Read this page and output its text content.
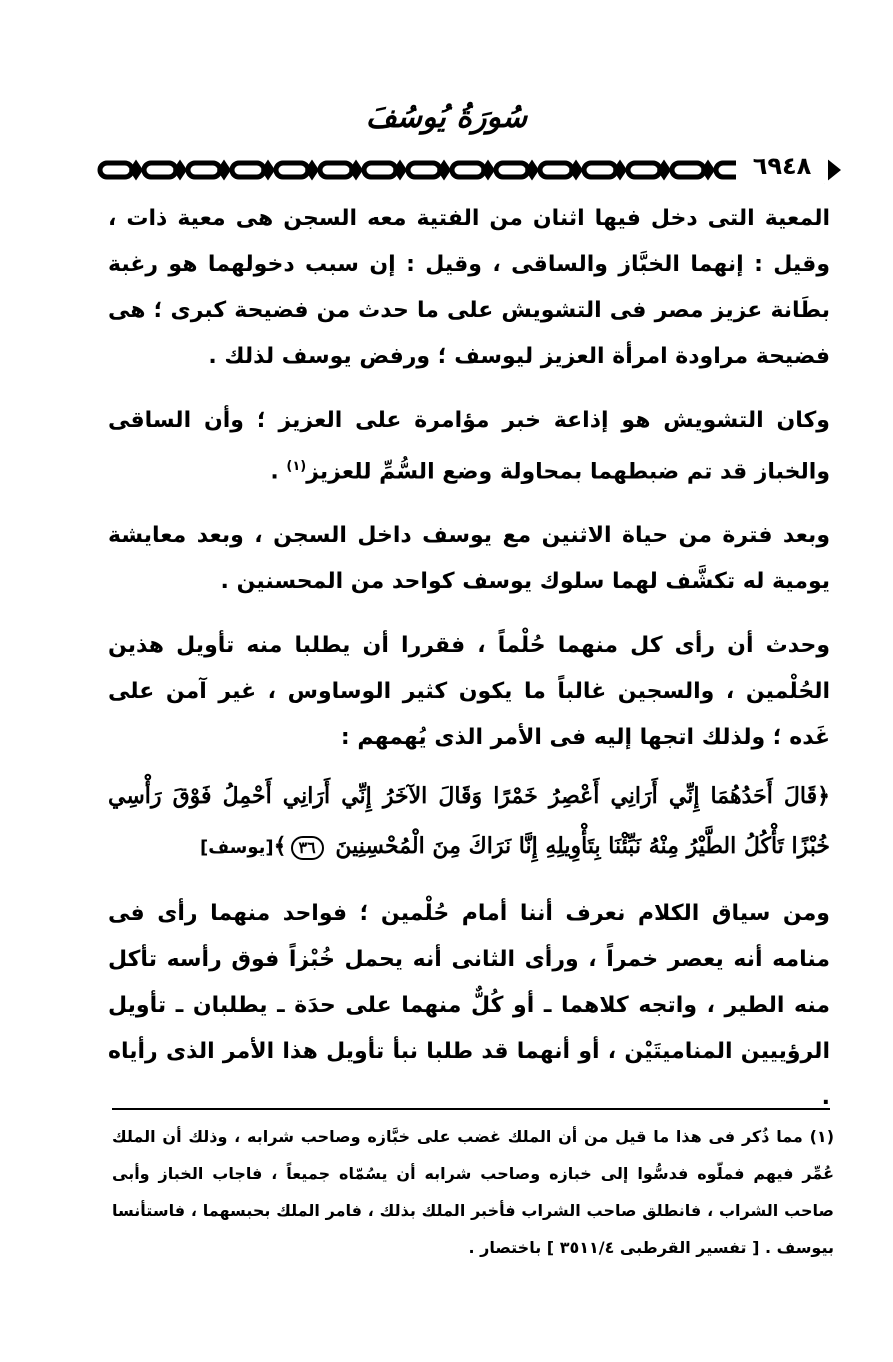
سُورَةُ يُوسُفَ
٦٩٤٨

المعية التى دخل فيها اثنان من الفتية معه السجن هى معية ذات ، وقيل : إنهما الخبَّاز والساقى ، وقيل : إن سبب دخولهما هو رغبة بطَانة عزيز مصر فى التشويش على ما حدث من فضيحة كبرى ؛ هى فضيحة مراودة امرأة العزيز ليوسف ؛ ورفض يوسف لذلك .

وكان التشويش هو إذاعة خبر مؤامرة على العزيز ؛ وأن الساقى والخباز قد تم ضبطهما بمحاولة وضع السُّمِّ للعزيز$^{(١)}$ .

وبعد فترة من حياة الاثنين مع يوسف داخل السجن ، وبعد معايشة يومية له تكشَّف لهما سلوك يوسف كواحد من المحسنين .

وحدث أن رأى كل منهما حُلْماً ، فقررا أن يطلبا منه تأويل هذين الحُلْمين ، والسجين غالباً ما يكون كثير الوساوس ، غير آمن على غَده ؛ ولذلك اتجها إليه فى الأمر الذى يُهمهم :

﴿قَالَ أَحَدُهُمَا إِنِّي أَرَانِي أَعْصِرُ خَمْرًا وَقَالَ الآخَرُ إِنِّي أَرَانِي أَحْمِلُ فَوْقَ رَأْسِي خُبْزًا تَأْكُلُ الطَّيْرُ مِنْهُ نَبِّئْنَا بِتَأْوِيلِهِ إِنَّا نَرَاكَ مِنَ الْمُحْسِنِينَ ٣٦﴾[يوسف]

ومن سياق الكلام نعرف أننا أمام حُلْمين ؛ فواحد منهما رأى فى منامه أنه يعصر خمراً ، ورأى الثانى أنه يحمل خُبْزاً فوق رأسه تأكل منه الطير ، واتجه كلاهما ـ أو كُلٌّ منهما على حدَة ـ يطلبان ـ تأويل الرؤييين المناميتَيْن ، أو أنهما قد طلبا نبأ تأويل هذا الأمر الذى رأياه .

(١) مما ذُكر فى هذا ما قيل من أن الملك غضب على خبَّازه وصاحب شرابه ، وذلك أن الملك عُمِّر فيهم فملّوه فدسُّوا إلى خبازه وصاحب شرابه أن يسُمّاه جميعاً ، فاجاب الخباز وأبى صاحب الشراب ، فانطلق صاحب الشراب فأخبر الملك بذلك ، فامر الملك بحبسهما ، فاستأنسا بيوسف . [ تفسير القرطبى ٣٥١١/٤ ] باختصار .
